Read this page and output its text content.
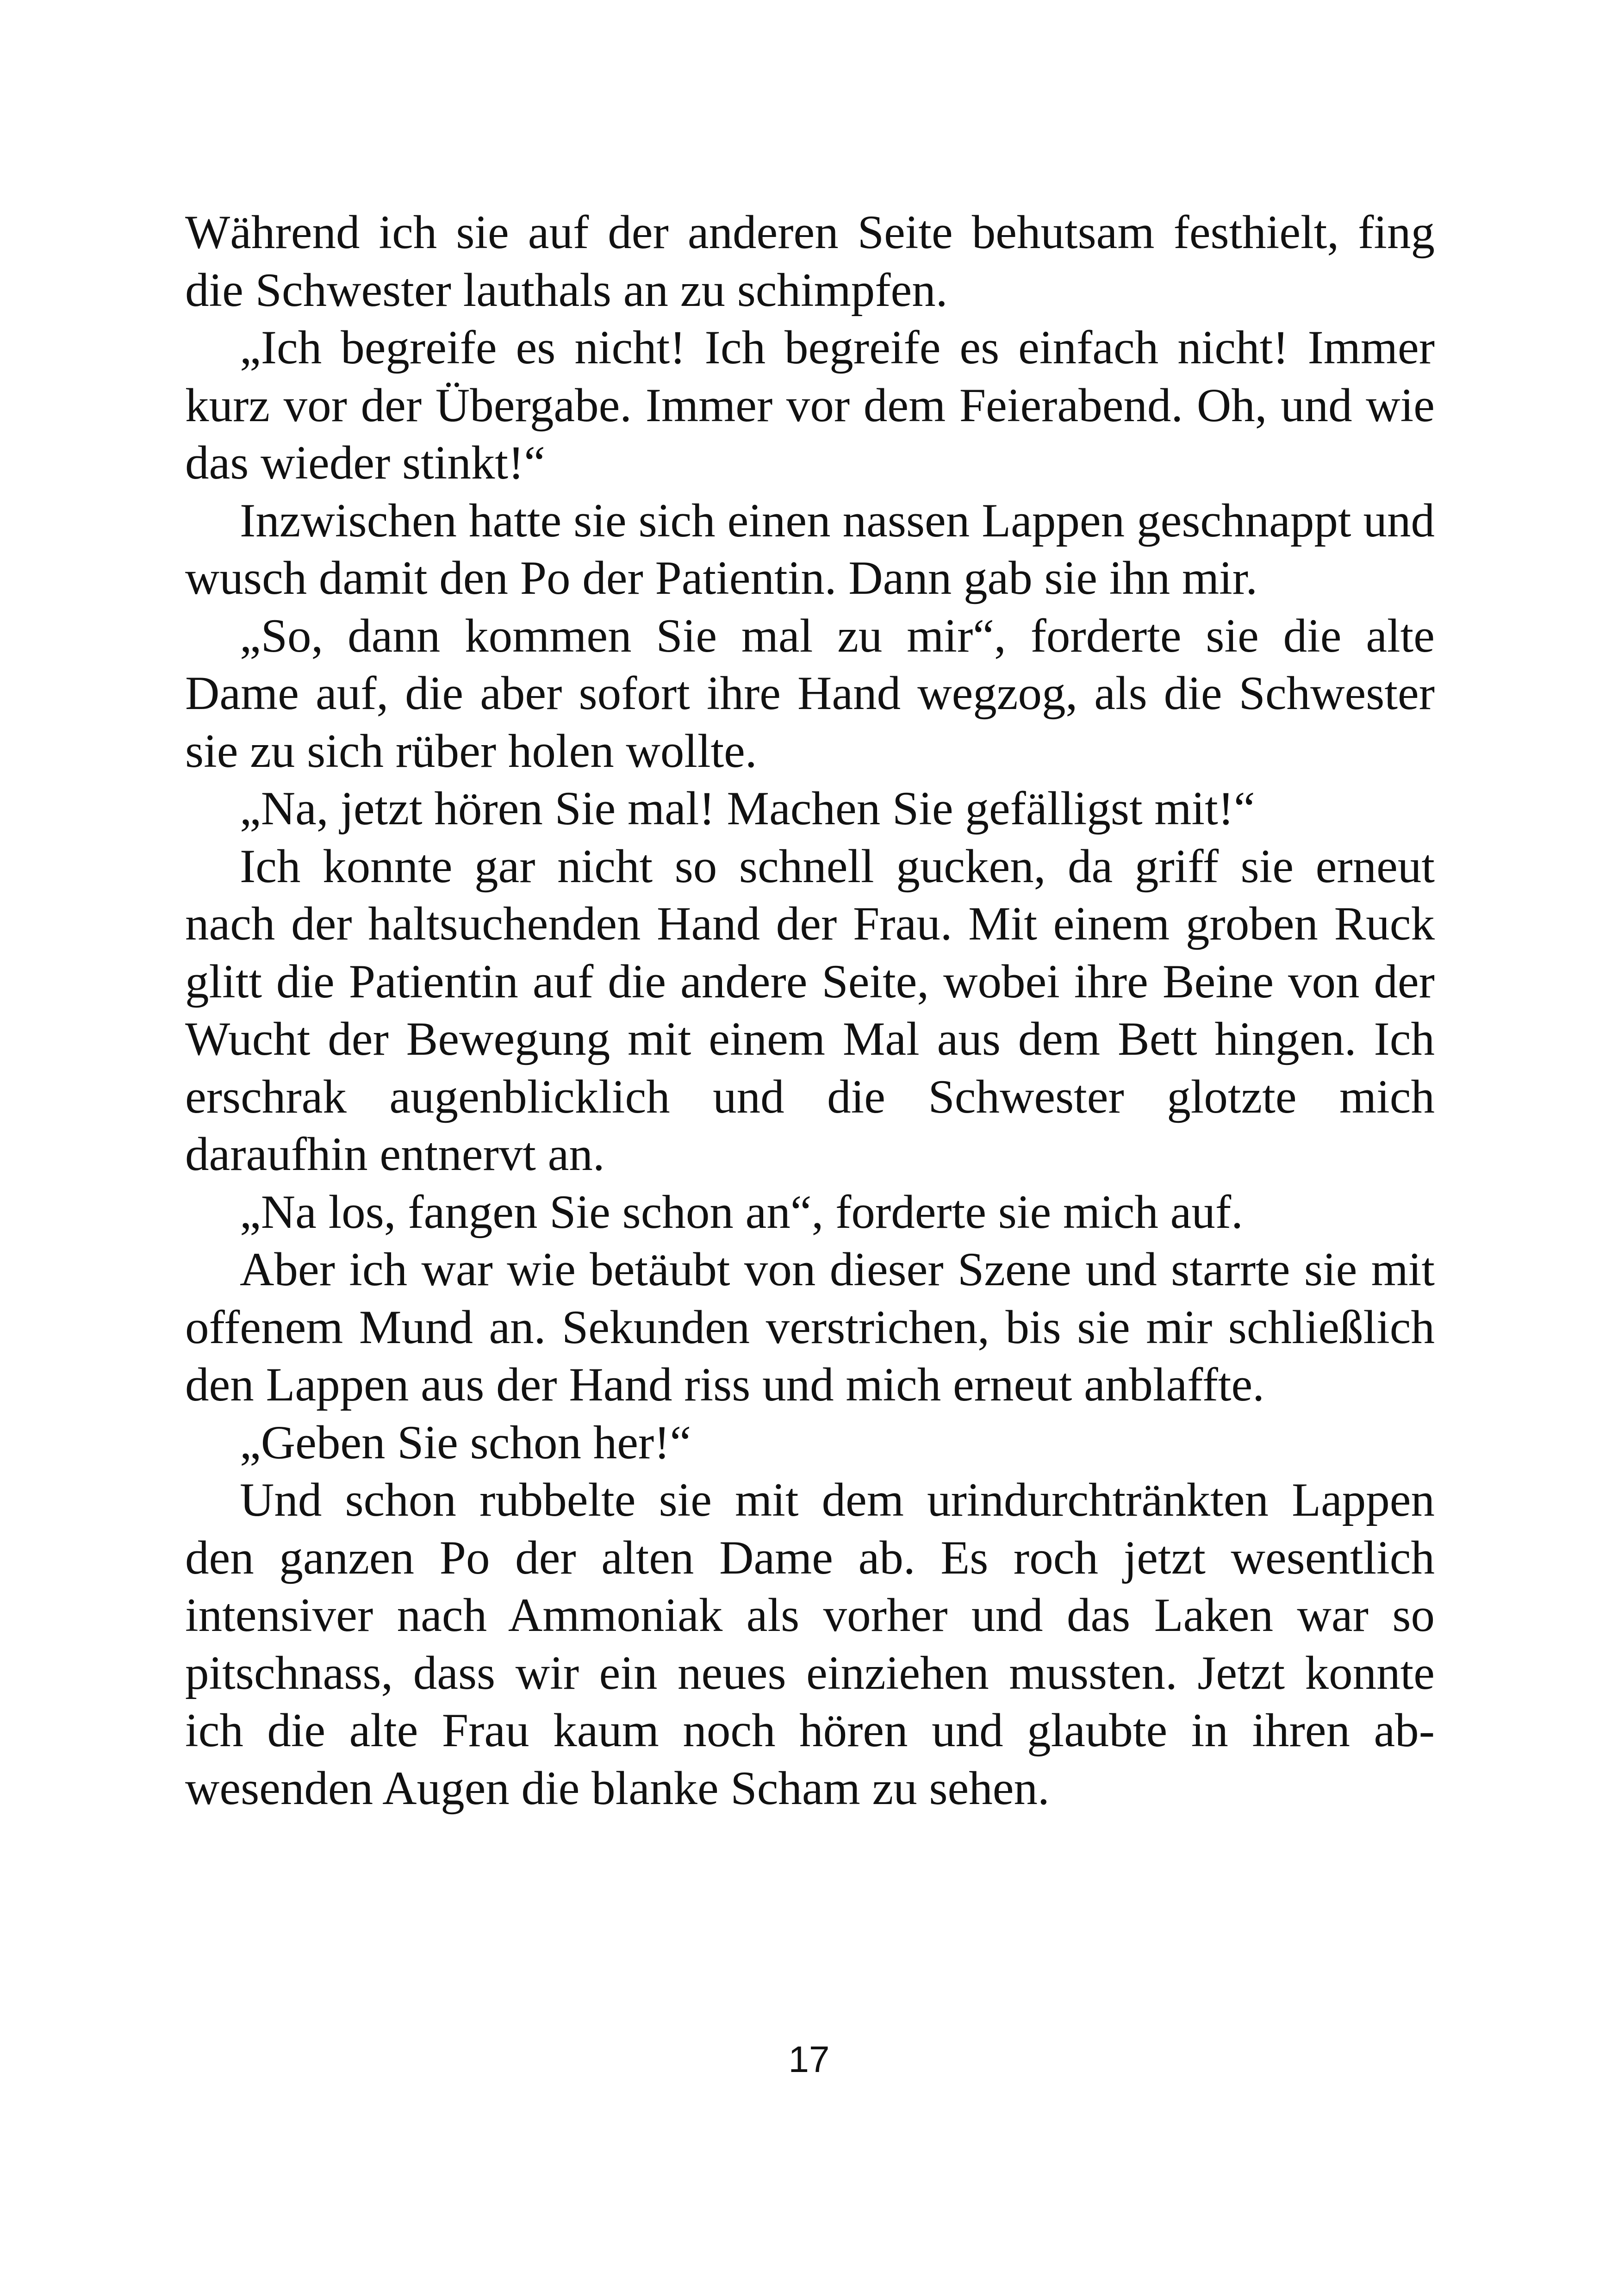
Während ich sie auf der anderen Seite behutsam festhielt, fing die Schwester lauthals an zu schimpfen.

„Ich begreife es nicht! Ich begreife es einfach nicht! Immer kurz vor der Übergabe. Immer vor dem Feierabend. Oh, und wie das wieder stinkt!“

Inzwischen hatte sie sich einen nassen Lappen geschnappt und wusch damit den Po der Patientin. Dann gab sie ihn mir.

„So, dann kommen Sie mal zu mir“, forderte sie die alte Dame auf, die aber sofort ihre Hand wegzog, als die Schwester sie zu sich rüber holen wollte.

„Na, jetzt hören Sie mal! Machen Sie gefälligst mit!“

Ich konnte gar nicht so schnell gucken, da griff sie erneut nach der haltsuchenden Hand der Frau. Mit einem groben Ruck glitt die Patientin auf die andere Seite, wobei ihre Beine von der Wucht der Bewegung mit einem Mal aus dem Bett hingen. Ich erschrak augenblicklich und die Schwester glotzte mich daraufhin entnervt an.

„Na los, fangen Sie schon an“, forderte sie mich auf.

Aber ich war wie betäubt von dieser Szene und starrte sie mit offenem Mund an. Sekunden verstrichen, bis sie mir schließlich den Lappen aus der Hand riss und mich erneut anblaffte.

„Geben Sie schon her!“

Und schon rubbelte sie mit dem urindurchtränkten Lappen den ganzen Po der alten Dame ab. Es roch jetzt wesentlich intensiver nach Ammoniak als vorher und das Laken war so pitschnass, dass wir ein neues einziehen mussten. Jetzt konnte ich die alte Frau kaum noch hören und glaubte in ihren abwesenden Augen die blanke Scham zu sehen.

17
